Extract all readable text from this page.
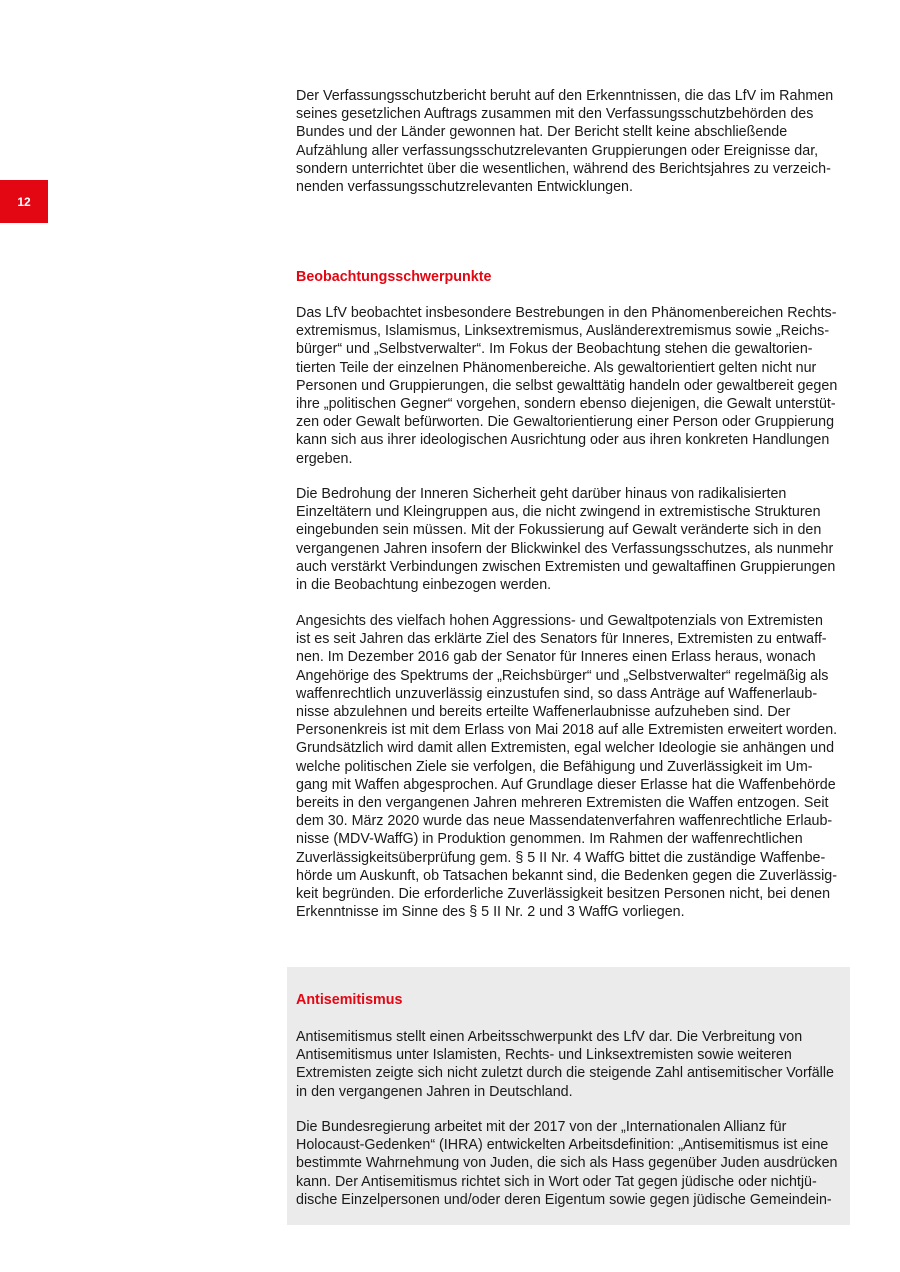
12
Der Verfassungsschutzbericht beruht auf den Erkenntnissen, die das LfV im Rahmen
seines gesetzlichen Auftrags zusammen mit den Verfassungsschutzbehörden des
Bundes und der Länder gewonnen hat. Der Bericht stellt keine abschließende
Aufzählung aller verfassungsschutzrelevanten Gruppierungen oder Ereignisse dar,
sondern unterrichtet über die wesentlichen, während des Berichtsjahres zu verzeich-
nenden verfassungsschutzrelevanten Entwicklungen.
Beobachtungsschwerpunkte
Das LfV beobachtet insbesondere Bestrebungen in den Phänomenbereichen Rechts-
extremismus, Islamismus, Linksextremismus, Ausländerextremismus sowie „Reichs-
bürger“ und „Selbstverwalter“. Im Fokus der Beobachtung stehen die gewaltorien-
tierten Teile der einzelnen Phänomenbereiche. Als gewaltorientiert gelten nicht nur
Personen und Gruppierungen, die selbst gewalttätig handeln oder gewaltbereit gegen
ihre „politischen Gegner“ vorgehen, sondern ebenso diejenigen, die Gewalt unterstüt-
zen oder Gewalt befürworten. Die Gewaltorientierung einer Person oder Gruppierung
kann sich aus ihrer ideologischen Ausrichtung oder aus ihren konkreten Handlungen
ergeben.
Die Bedrohung der Inneren Sicherheit geht darüber hinaus von radikalisierten
Einzeltätern und Kleingruppen aus, die nicht zwingend in extremistische Strukturen
eingebunden sein müssen. Mit der Fokussierung auf Gewalt veränderte sich in den
vergangenen Jahren insofern der Blickwinkel des Verfassungsschutzes, als nunmehr
auch verstärkt Verbindungen zwischen Extremisten und gewaltaffinen Gruppierungen
in die Beobachtung einbezogen werden.
Angesichts des vielfach hohen Aggressions- und Gewaltpotenzials von Extremisten
ist es seit Jahren das erklärte Ziel des Senators für Inneres, Extremisten zu entwaff-
nen. Im Dezember 2016 gab der Senator für Inneres einen Erlass heraus, wonach
Angehörige des Spektrums der „Reichsbürger“ und „Selbstverwalter“ regelmäßig als
waffenrechtlich unzuverlässig einzustufen sind, so dass Anträge auf Waffenerlaub-
nisse abzulehnen und bereits erteilte Waffenerlaubnisse aufzuheben sind. Der
Personenkreis ist mit dem Erlass von Mai 2018 auf alle Extremisten erweitert worden.
Grundsätzlich wird damit allen Extremisten, egal welcher Ideologie sie anhängen und
welche politischen Ziele sie verfolgen, die Befähigung und Zuverlässigkeit im Um-
gang mit Waffen abgesprochen. Auf Grundlage dieser Erlasse hat die Waffenbehörde
bereits in den vergangenen Jahren mehreren Extremisten die Waffen entzogen. Seit
dem 30. März 2020 wurde das neue Massendatenverfahren waffenrechtliche Erlaub-
nisse (MDV-WaffG) in Produktion genommen. Im Rahmen der waffenrechtlichen
Zuverlässigkeitsüberprüfung gem. § 5 II Nr. 4 WaffG bittet die zuständige Waffenbe-
hörde um Auskunft, ob Tatsachen bekannt sind, die Bedenken gegen die Zuverlässig-
keit begründen. Die erforderliche Zuverlässigkeit besitzen Personen nicht, bei denen
Erkenntnisse im Sinne des § 5 II Nr. 2 und 3 WaffG vorliegen.
Antisemitismus
Antisemitismus stellt einen Arbeitsschwerpunkt des LfV dar. Die Verbreitung von
Antisemitismus unter Islamisten, Rechts- und Linksextremisten sowie weiteren
Extremisten zeigte sich nicht zuletzt durch die steigende Zahl antisemitischer Vorfälle
in den vergangenen Jahren in Deutschland.
Die Bundesregierung arbeitet mit der 2017 von der „Internationalen Allianz für
Holocaust-Gedenken“ (IHRA) entwickelten Arbeitsdefinition: „Antisemitismus ist eine
bestimmte Wahrnehmung von Juden, die sich als Hass gegenüber Juden ausdrücken
kann. Der Antisemitismus richtet sich in Wort oder Tat gegen jüdische oder nichtjü-
dische Einzelpersonen und/oder deren Eigentum sowie gegen jüdische Gemeindein-
